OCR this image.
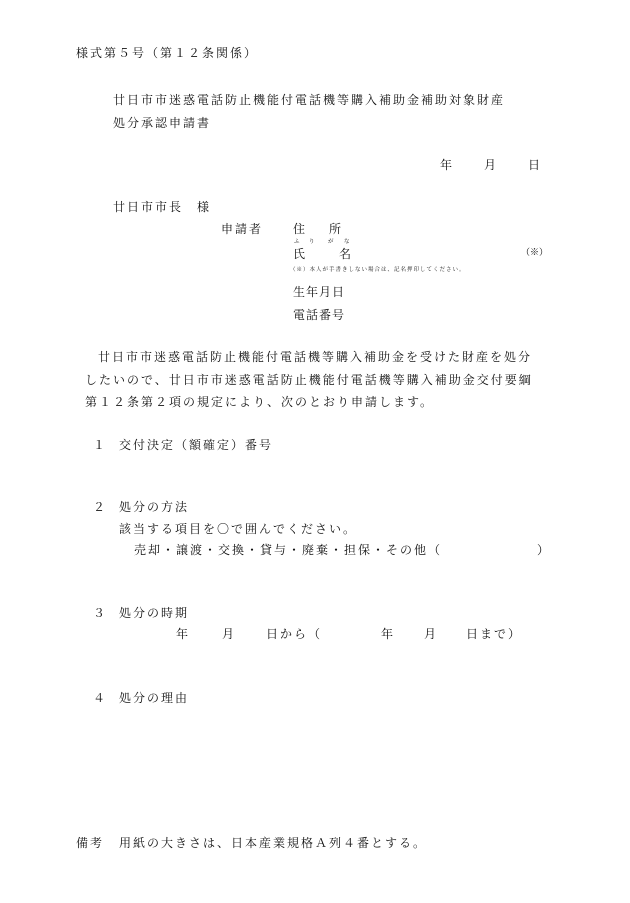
様式第５号（第１２条関係）
廿日市市迷惑電話防止機能付電話機等購入補助金補助対象財産
処分承認申請書
年	月	日
廿日市市長　様
申請者 住　　所
ふ り が な
氏	名	（※）
（※）本人が手書きしない場合は、記名押印してください。
生年月日
電話番号
廿日市市迷惑電話防止機能付電話機等購入補助金を受けた財産を処分
したいので、廿日市市迷惑電話防止機能付電話機等購入補助金交付要綱
第１２条第２項の規定により、次のとおり申請します。
１ 交付決定（額確定）番号
２ 処分の方法
該当する項目を〇で囲んでください。
売却・譲渡・交換・貸与・廃棄・担保・その他（	）
３ 処分の時期
年	月	日から（	年	月 日まで）
４ 処分の理由
備考 用紙の大きさは、日本産業規格Ａ列４番とする。
